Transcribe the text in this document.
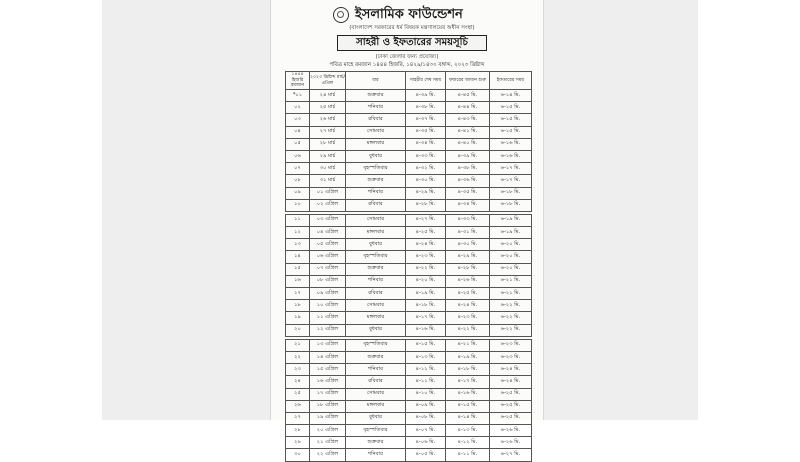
ইসলামিক ফাউন্ডেশন
(বাংলাদেশ সরকারের ধর্ম বিষয়ক মন্ত্রণালয়ের অধীন সংস্থা)
সাহরী ও ইফতারের সময়সূচি
(ঢাকা জেলার জন্য প্রযোজ্য)
পবিত্র মাহে রমজান ১৪৪৪ হিজরি, ১৪২৯/১৪৩০ বঙ্গাব্দ, ২০২৩ খ্রিষ্টাব্দ
১৪৪৪ হিজরি রমজান	২০২৩ খ্রিষ্টাব্দ মার্চ/এপ্রিল	বার	সাহরীর শেষ সময়	ফজরের আযান শুরু	ইফতারের সময়
*০১	২৪ মার্চ	শুক্রবার	৪-৩৯ মি.	৪-৪৫ মি.	৬-১৪ মি.
০২	২৫ মার্চ	শনিবার	৪-৩৮ মি.	৪-৪৪ মি.	৬-১৫ মি.
০৩	২৬ মার্চ	রবিবার	৪-৩৭ মি.	৪-৪৩ মি.	৬-১৫ মি.
০৪	২৭ মার্চ	সোমবার	৪-৩৫ মি.	৪-৪১ মি.	৬-১৫ মি.
০৫	২৮ মার্চ	মঙ্গলবার	৪-৩৪ মি.	৪-৪০ মি.	৬-১৬ মি.
০৬	২৯ মার্চ	বুধবার	৪-৩৩ মি.	৪-৩৯ মি.	৬-১৬ মি.
০৭	৩০ মার্চ	বৃহস্পতিবার	৪-৩২ মি.	৪-৩৮ মি.	৬-১৭ মি.
০৮	৩১ মার্চ	শুক্রবার	৪-৩০ মি.	৪-৩৬ মি.	৬-১৭ মি.
০৯	০১ এপ্রিল	শনিবার	৪-২৯ মি.	৪-৩৫ মি.	৬-১৮ মি.
১০	০২ এপ্রিল	রবিবার	৪-২৮ মি.	৪-৩৪ মি.	৬-১৮ মি.

১১	০৩ এপ্রিল	সোমবার	৪-২৭ মি.	৪-৩৩ মি.	৬-১৯ মি.
১২	০৪ এপ্রিল	মঙ্গলবার	৪-২৫ মি.	৪-৩১ মি.	৬-১৯ মি.
১৩	০৫ এপ্রিল	বুধবার	৪-২৪ মি.	৪-৩০ মি.	৬-২০ মি.
১৪	০৬ এপ্রিল	বৃহস্পতিবার	৪-২৩ মি.	৪-২৯ মি.	৬-২০ মি.
১৫	০৭ এপ্রিল	শুক্রবার	৪-২২ মি.	৪-২৮ মি.	৬-২০ মি.
১৬	০৮ এপ্রিল	শনিবার	৪-২০ মি.	৪-২৬ মি.	৬-২১ মি.
১৭	০৯ এপ্রিল	রবিবার	৪-১৯ মি.	৪-২৫ মি.	৬-২১ মি.
১৮	১০ এপ্রিল	সোমবার	৪-১৮ মি.	৪-২৪ মি.	৬-২২ মি.
১৯	১১ এপ্রিল	মঙ্গলবার	৪-১৭ মি.	৪-২৩ মি.	৬-২২ মি.
২০	১২ এপ্রিল	বুধবার	৪-১৬ মি.	৪-২২ মি.	৬-২২ মি.

২১	১৩ এপ্রিল	বৃহস্পতিবার	৪-১৫ মি.	৪-২১ মি.	৬-২৩ মি.
২২	১৪ এপ্রিল	শুক্রবার	৪-১৩ মি.	৪-১৯ মি.	৬-২৩ মি.
২৩	১৫ এপ্রিল	শনিবার	৪-১২ মি.	৪-১৮ মি.	৬-২৪ মি.
২৪	১৬ এপ্রিল	রবিবার	৪-১১ মি.	৪-১৭ মি.	৬-২৪ মি.
২৫	১৭ এপ্রিল	সোমবার	৪-১০ মি.	৪-১৬ মি.	৬-২৫ মি.
২৬	১৮ এপ্রিল	মঙ্গলবার	৪-০৯ মি.	৪-১৫ মি.	৬-২৫ মি.
২৭	১৯ এপ্রিল	বুধবার	৪-০৮ মি.	৪-১৪ মি.	৬-২৫ মি.
২৮	২০ এপ্রিল	বৃহস্পতিবার	৪-০৭ মি.	৪-১৩ মি.	৬-২৬ মি.
২৯	২১ এপ্রিল	শুক্রবার	৪-০৬ মি.	৪-১২ মি.	৬-২৬ মি.
৩০	২২ এপ্রিল	শনিবার	৪-০৫ মি.	৪-১১ মি.	৬-২৭ মি.
